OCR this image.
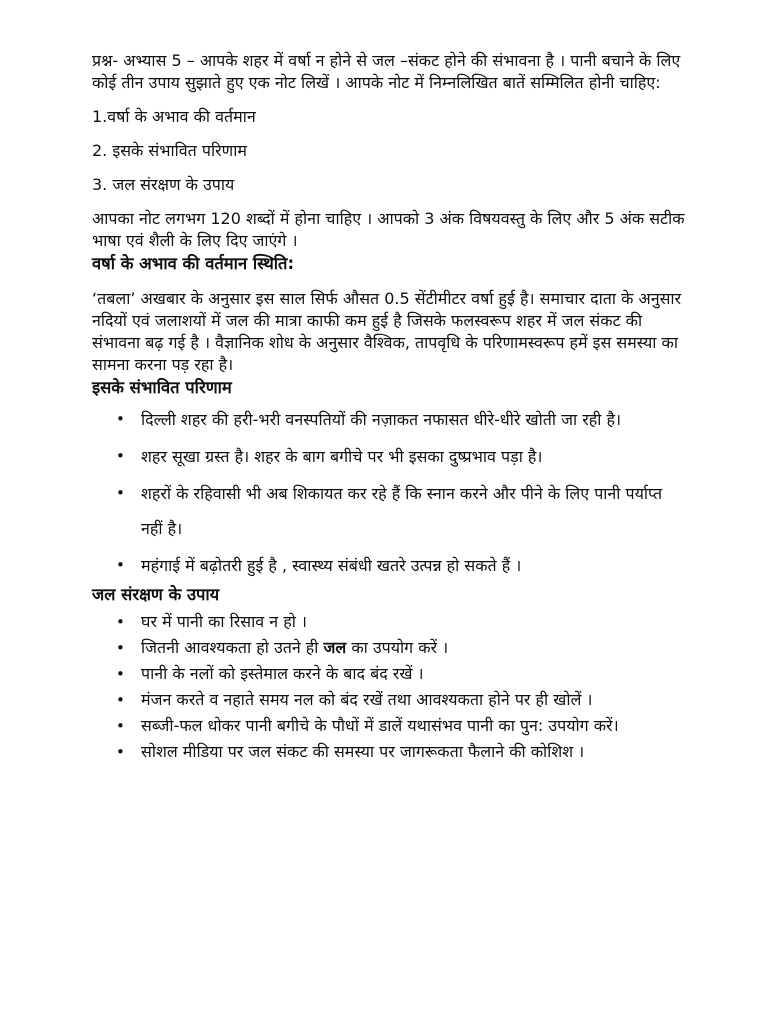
प्रश्न- अभ्यास 5 – आपके शहर में वर्षा न होने से जल –संकट होने की संभावना है । पानी बचाने के लिए कोई तीन उपाय सुझाते हुए एक नोट लिखें । आपके नोट में निम्नलिखित बातें सम्मिलित होनी चाहिए:

1.वर्षा के अभाव की वर्तमान

2. इसके संभावित परिणाम

3. जल संरक्षण के उपाय

आपका नोट लगभग 120 शब्दों में होना चाहिए । आपको 3 अंक विषयवस्तु के लिए और 5 अंक सटीक भाषा एवं शैली के लिए दिए जाएंगे ।

वर्षा के अभाव की वर्तमान स्थिति:

‘तबला’ अखबार के अनुसार इस साल सिर्फ औसत 0.5 सेंटीमीटर वर्षा हुई है। समाचार दाता के अनुसार नदियों एवं जलाशयों में जल की मात्रा काफी कम हुई है जिसके फलस्वरूप शहर में जल संकट की संभावना बढ़ गई है । वैज्ञानिक शोध के अनुसार वैश्विक, तापवृधि के परिणामस्वरूप हमें इस समस्या का सामना करना पड़ रहा है।

इसके संभावित परिणाम
• दिल्ली शहर की हरी-भरी वनस्पतियों की नज़ाकत नफासत धीरे-धीरे खोती जा रही है।
• शहर सूखा ग्रस्त है। शहर के बाग बगीचे पर भी इसका दुष्प्रभाव पड़ा है।
• शहरों के रहिवासी भी अब शिकायत कर रहे हैं कि स्नान करने और पीने के लिए पानी पर्याप्त नहीं है।
• महंगाई में बढ़ोतरी हुई है , स्वास्थ्य संबंधी खतरे उत्पन्न हो सकते हैं ।
जल संरक्षण के उपाय
• घर में पानी का रिसाव न हो ।
• जितनी आवश्यकता हो उतने ही जल का उपयोग करें ।
• पानी के नलों को इस्तेमाल करने के बाद बंद रखें ।
• मंजन करते व नहाते समय नल को बंद रखें तथा आवश्यकता होने पर ही खोलें ।
• सब्जी-फल धोकर पानी बगीचे के पौधों में डालें यथासंभव पानी का पुन: उपयोग करें।
• सोशल मीडिया पर जल संकट की समस्या पर जागरूकता फैलाने की कोशिश ।
